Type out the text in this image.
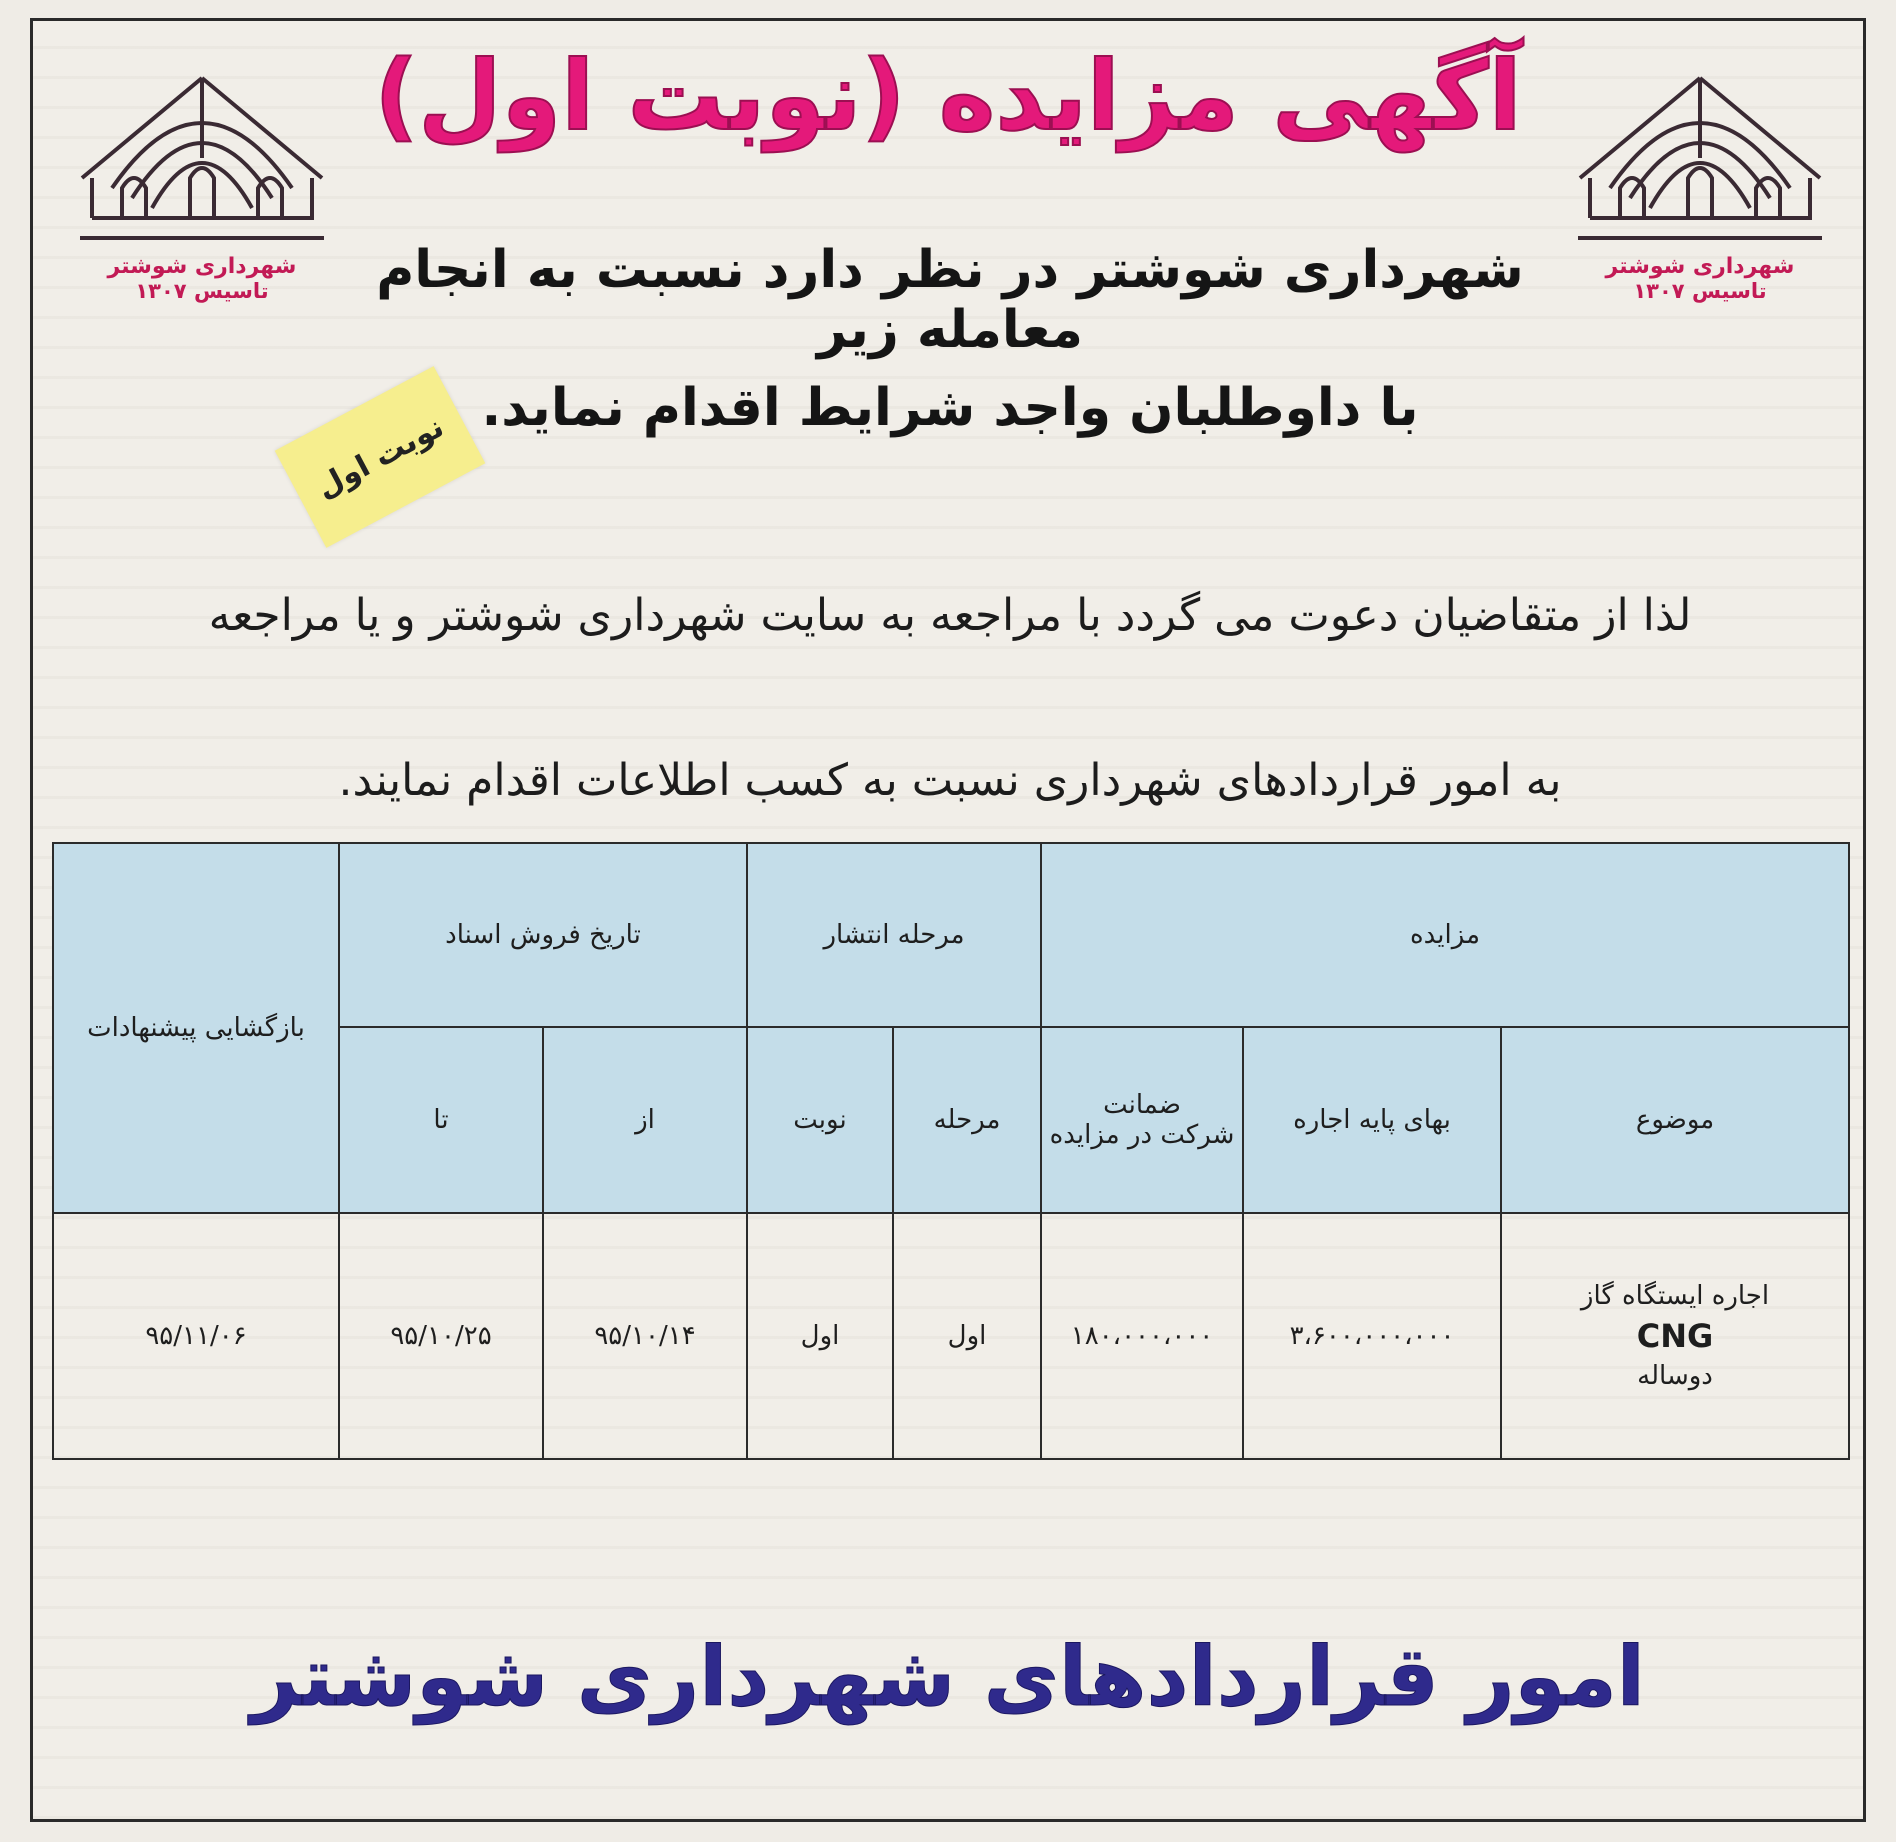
شهرداری شوشتر
تاسیس ۱۳۰۷
شهرداری شوشتر
تاسیس ۱۳۰۷
آگهی مزایده (نوبت اول)
شهرداری شوشتر در نظر دارد نسبت به انجام معامله زیر
با داوطلبان واجد شرایط اقدام نماید.
نوبت اول
لذا از متقاضیان دعوت می گردد با مراجعه به سایت شهرداری شوشتر و یا مراجعه
به امور قراردادهای شهرداری نسبت به کسب اطلاعات اقدام نمایند.
مزایده			مرحله انتشار		تاریخ فروش اسناد		بازگشایی پیشنهادات
موضوع	بهای پایه اجاره	ضمانت
شرکت در مزایده	مرحله	نوبت	از	تا	

اجاره ایستگاه گاز
CNG
دوساله	۳،۶۰۰،۰۰۰،۰۰۰	۱۸۰،۰۰۰،۰۰۰	اول	اول	۹۵/۱۰/۱۴	۹۵/۱۰/۲۵	۹۵/۱۱/۰۶
امور قراردادهای شهرداری شوشتر
